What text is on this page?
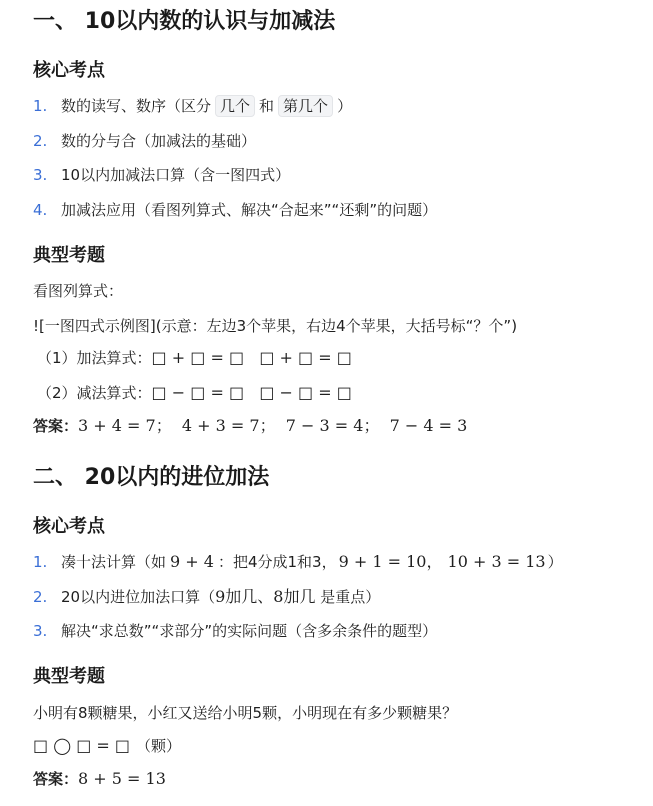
一、 10以内数的认识与加减法
核心考点
1. 数的读写、数序（区分 几个 和 第几个 ）
2. 数的分与合（加减法的基础）
3. 10以内加减法口算（含一图四式）
4. 加减法应用（看图列算式、解决“合起来”“还剩”的问题）
典型考题
看图列算式：
![一图四式示例图](示意：左边3个苹果，右边4个苹果，大括号标“？个”)
（1）加法算式：□ + □ = □   □ + □ = □
（2）减法算式：□ − □ = □   □ − □ = □
答案：3 + 4 = 7；  4 + 3 = 7；  7 − 3 = 4；  7 − 4 = 3
二、 20以内的进位加法
核心考点
1. 凑十法计算（如 9 + 4 ：把4分成1和3， 9 + 1 = 10， 10 + 3 = 13 ）
2. 20以内进位加法口算（9加几、8加几 是重点）
3. 解决“求总数”“求部分”的实际问题（含多余条件的题型）
典型考题
小明有8颗糖果，小红又送给小明5颗，小明现在有多少颗糖果？
□ ◯ □ = □ （颗）
答案：8 + 5 = 13
